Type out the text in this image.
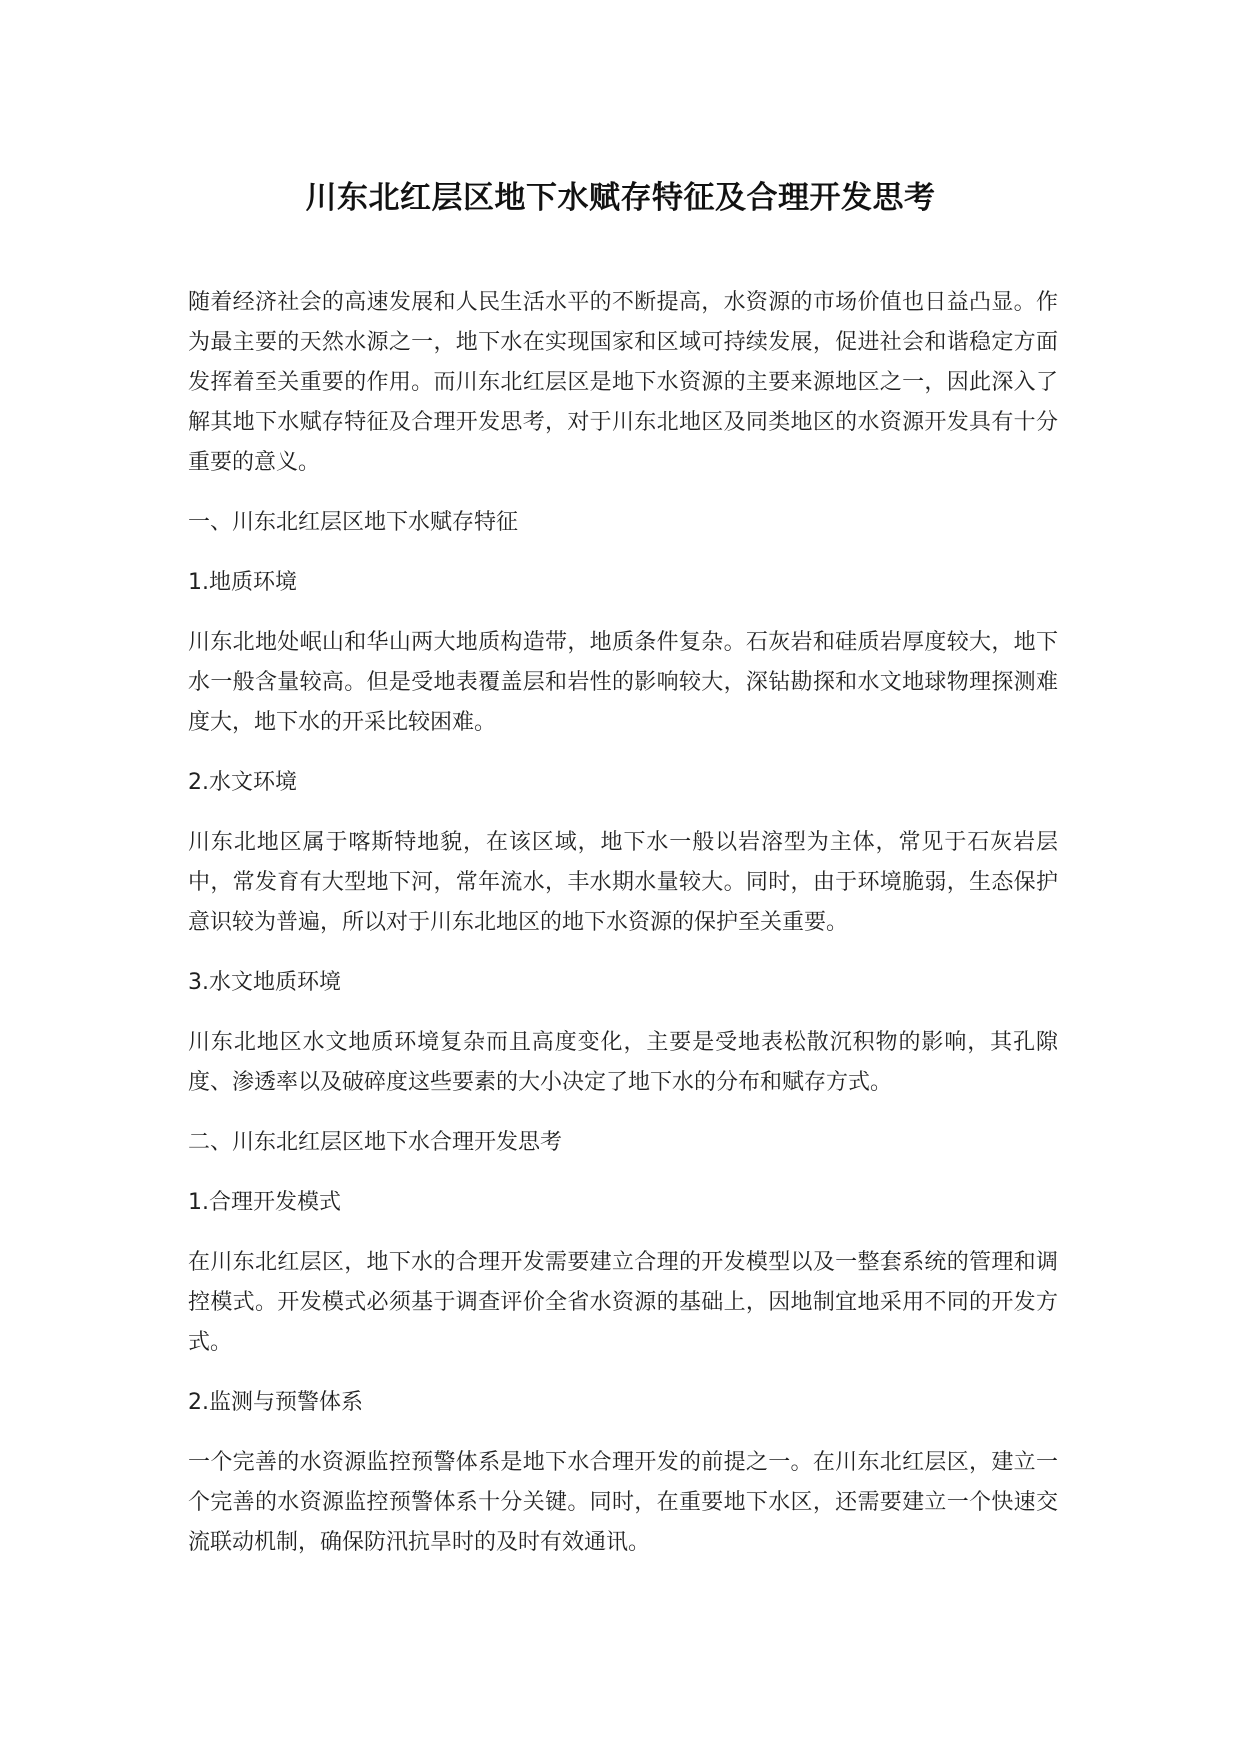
川东北红层区地下水赋存特征及合理开发思考

随着经济社会的高速发展和人民生活水平的不断提高，水资源的市场价值也日益凸显。作为最主要的天然水源之一，地下水在实现国家和区域可持续发展，促进社会和谐稳定方面发挥着至关重要的作用。而川东北红层区是地下水资源的主要来源地区之一，因此深入了解其地下水赋存特征及合理开发思考，对于川东北地区及同类地区的水资源开发具有十分重要的意义。

一、川东北红层区地下水赋存特征

1.地质环境

川东北地处岷山和华山两大地质构造带，地质条件复杂。石灰岩和硅质岩厚度较大，地下水一般含量较高。但是受地表覆盖层和岩性的影响较大，深钻勘探和水文地球物理探测难度大，地下水的开采比较困难。

2.水文环境

川东北地区属于喀斯特地貌，在该区域，地下水一般以岩溶型为主体，常见于石灰岩层中，常发育有大型地下河，常年流水，丰水期水量较大。同时，由于环境脆弱，生态保护意识较为普遍，所以对于川东北地区的地下水资源的保护至关重要。

3.水文地质环境

川东北地区水文地质环境复杂而且高度变化，主要是受地表松散沉积物的影响，其孔隙度、渗透率以及破碎度这些要素的大小决定了地下水的分布和赋存方式。

二、川东北红层区地下水合理开发思考

1.合理开发模式

在川东北红层区，地下水的合理开发需要建立合理的开发模型以及一整套系统的管理和调控模式。开发模式必须基于调查评价全省水资源的基础上，因地制宜地采用不同的开发方式。

2.监测与预警体系

一个完善的水资源监控预警体系是地下水合理开发的前提之一。在川东北红层区，建立一个完善的水资源监控预警体系十分关键。同时，在重要地下水区，还需要建立一个快速交流联动机制，确保防汛抗旱时的及时有效通讯。
